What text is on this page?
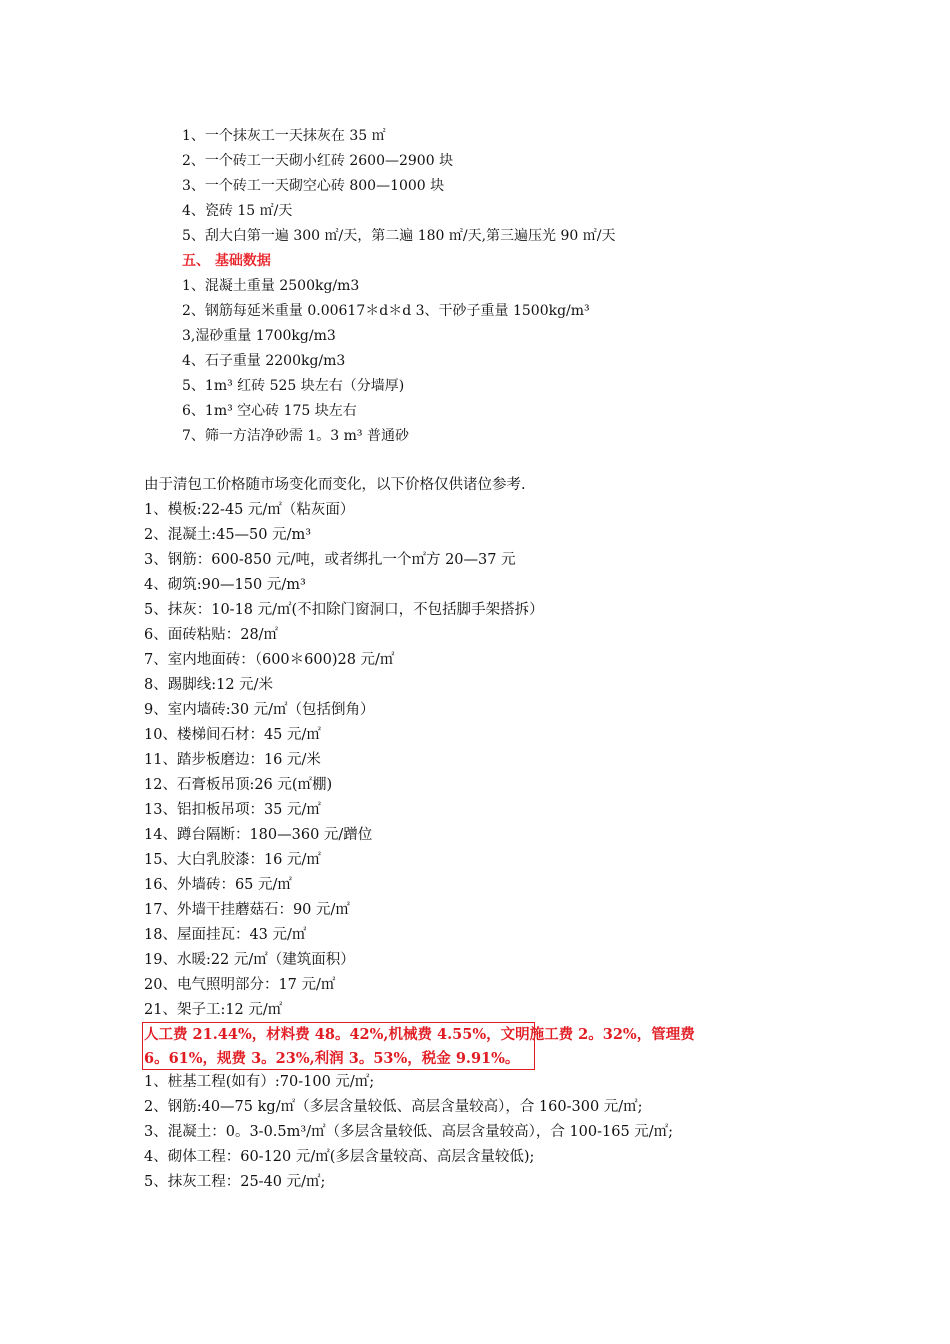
1、一个抹灰工一天抹灰在 35 ㎡
2、一个砖工一天砌小红砖 2600—2900 块
3、一个砖工一天砌空心砖 800—1000 块
4、瓷砖 15 ㎡/天
5、刮大白第一遍 300 ㎡/天，第二遍 180 ㎡/天,第三遍压光 90 ㎡/天
五、 基础数据
1、混凝土重量 2500kg/m3
2、钢筋每延米重量 0.00617＊d＊d 3、干砂子重量 1500kg/m³
3,湿砂重量 1700kg/m3
4、石子重量 2200kg/m3
5、1m³ 红砖 525 块左右（分墙厚)
6、1m³ 空心砖 175 块左右
7、筛一方洁净砂需 1。3 m³ 普通砂
由于清包工价格随市场变化而变化，以下价格仅供诸位参考.
1、模板:22-45 元/㎡（粘灰面）
2、混凝土:45—50 元/m³
3、钢筋：600-850 元/吨，或者绑扎一个㎡方 20—37 元
4、砌筑:90—150 元/m³
5、抹灰：10-18 元/㎡(不扣除门窗洞口，不包括脚手架搭拆）
6、面砖粘贴：28/㎡
7、室内地面砖：（600＊600)28 元/㎡
8、踢脚线:12 元/米
9、室内墙砖:30 元/㎡（包括倒角）
10、楼梯间石材：45 元/㎡
11、踏步板磨边：16 元/米
12、石膏板吊顶:26 元(㎡棚)
13、铝扣板吊项：35 元/㎡
14、蹲台隔断：180—360 元/蹭位
15、大白乳胶漆：16 元/㎡
16、外墙砖：65 元/㎡
17、外墙干挂蘑菇石：90 元/㎡
18、屋面挂瓦：43 元/㎡
19、水暖:22 元/㎡（建筑面积）
20、电气照明部分：17 元/㎡
21、架子工:12 元/㎡
人工费 21.44%，材料费 48。42%,机械费 4.55%，文明施工费 2。32%，管理费
6。61%，规费 3。23%,利润 3。53%，税金 9.91%。
1、桩基工程(如有）:70-100 元/㎡;
2、钢筋:40—75 kg/㎡（多层含量较低、高层含量较高），合 160-300 元/㎡;
3、混凝土：0。3-0.5m³/㎡（多层含量较低、高层含量较高），合 100-165 元/㎡;
4、砌体工程：60-120 元/㎡(多层含量较高、高层含量较低);
5、抹灰工程：25-40 元/㎡;
